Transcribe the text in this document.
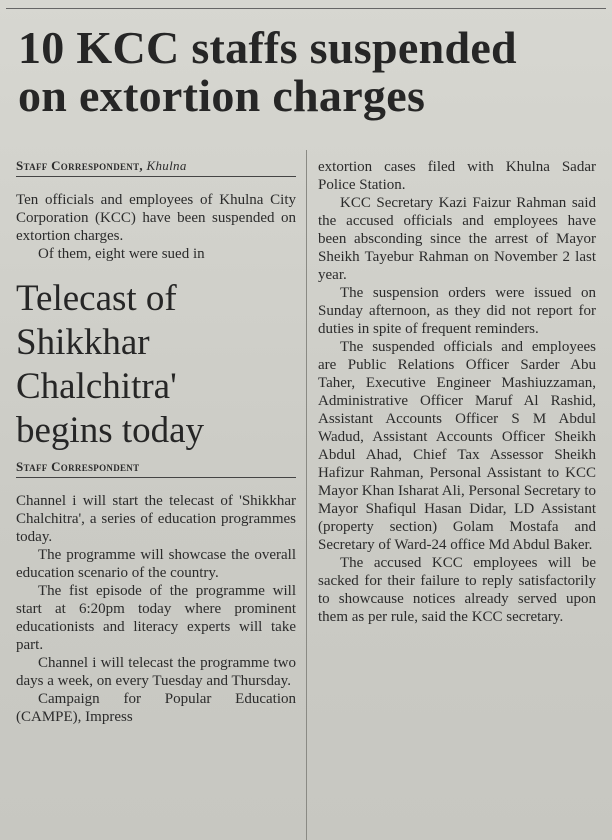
10 KCC staffs suspended
on extortion charges
Staff Correspondent, Khulna

Ten officials and employees of Khulna City Corporation (KCC) have been suspended on extortion charges.

Of them, eight were sued in

Telecast of
Shikkhar
Chalchitra'
begins today
Staff Correspondent

Channel i will start the telecast of 'Shikkhar Chalchitra', a series of education programmes today.

The programme will showcase the overall education scenario of the country.

The fist episode of the programme will start at 6:20pm today where prominent educationists and literacy experts will take part.

Channel i will telecast the programme two days a week, on every Tuesday and Thursday.

Campaign for Popular Education (CAMPE), Impress

extortion cases filed with Khulna Sadar Police Station.

KCC Secretary Kazi Faizur Rahman said the accused officials and employees have been absconding since the arrest of Mayor Sheikh Tayebur Rahman on November 2 last year.

The suspension orders were issued on Sunday afternoon, as they did not report for duties in spite of frequent reminders.

The suspended officials and employees are Public Relations Officer Sarder Abu Taher, Executive Engineer Mashiuzzaman, Administrative Officer Maruf Al Rashid, Assistant Accounts Officer S M Abdul Wadud, Assistant Accounts Officer Sheikh Abdul Ahad, Chief Tax Assessor Sheikh Hafizur Rahman, Personal Assistant to KCC Mayor Khan Isharat Ali, Personal Secretary to Mayor Shafiqul Hasan Didar, LD Assistant (property section) Golam Mostafa and Secretary of Ward-24 office Md Abdul Baker.

The accused KCC employees will be sacked for their failure to reply satisfactorily to showcause notices already served upon them as per rule, said the KCC secretary.
